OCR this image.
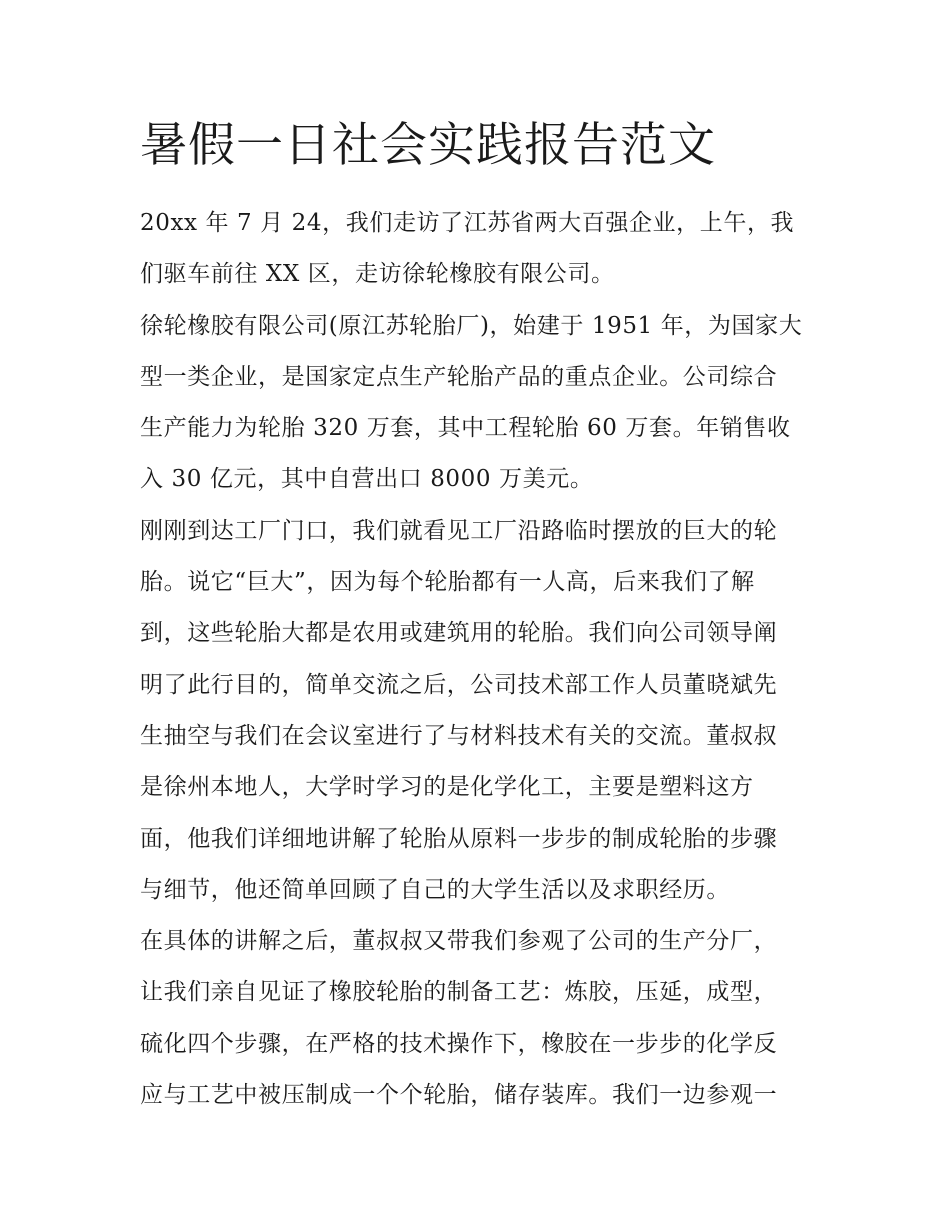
暑假一日社会实践报告范文
20xx 年 7 月 24，我们走访了江苏省两大百强企业，上午，我
们驱车前往 XX 区，走访徐轮橡胶有限公司。
徐轮橡胶有限公司(原江苏轮胎厂)，始建于 1951 年，为国家大
型一类企业，是国家定点生产轮胎产品的重点企业。公司综合
生产能力为轮胎 320 万套，其中工程轮胎 60 万套。年销售收
入 30 亿元，其中自营出口 8000 万美元。
刚刚到达工厂门口，我们就看见工厂沿路临时摆放的巨大的轮
胎。说它“巨大”，因为每个轮胎都有一人高，后来我们了解
到，这些轮胎大都是农用或建筑用的轮胎。我们向公司领导阐
明了此行目的，简单交流之后，公司技术部工作人员董晓斌先
生抽空与我们在会议室进行了与材料技术有关的交流。董叔叔
是徐州本地人，大学时学习的是化学化工，主要是塑料这方
面，他我们详细地讲解了轮胎从原料一步步的制成轮胎的步骤
与细节，他还简单回顾了自己的大学生活以及求职经历。
在具体的讲解之后，董叔叔又带我们参观了公司的生产分厂，
让我们亲自见证了橡胶轮胎的制备工艺：炼胶，压延，成型，
硫化四个步骤，在严格的技术操作下，橡胶在一步步的化学反
应与工艺中被压制成一个个轮胎，储存装库。我们一边参观一
